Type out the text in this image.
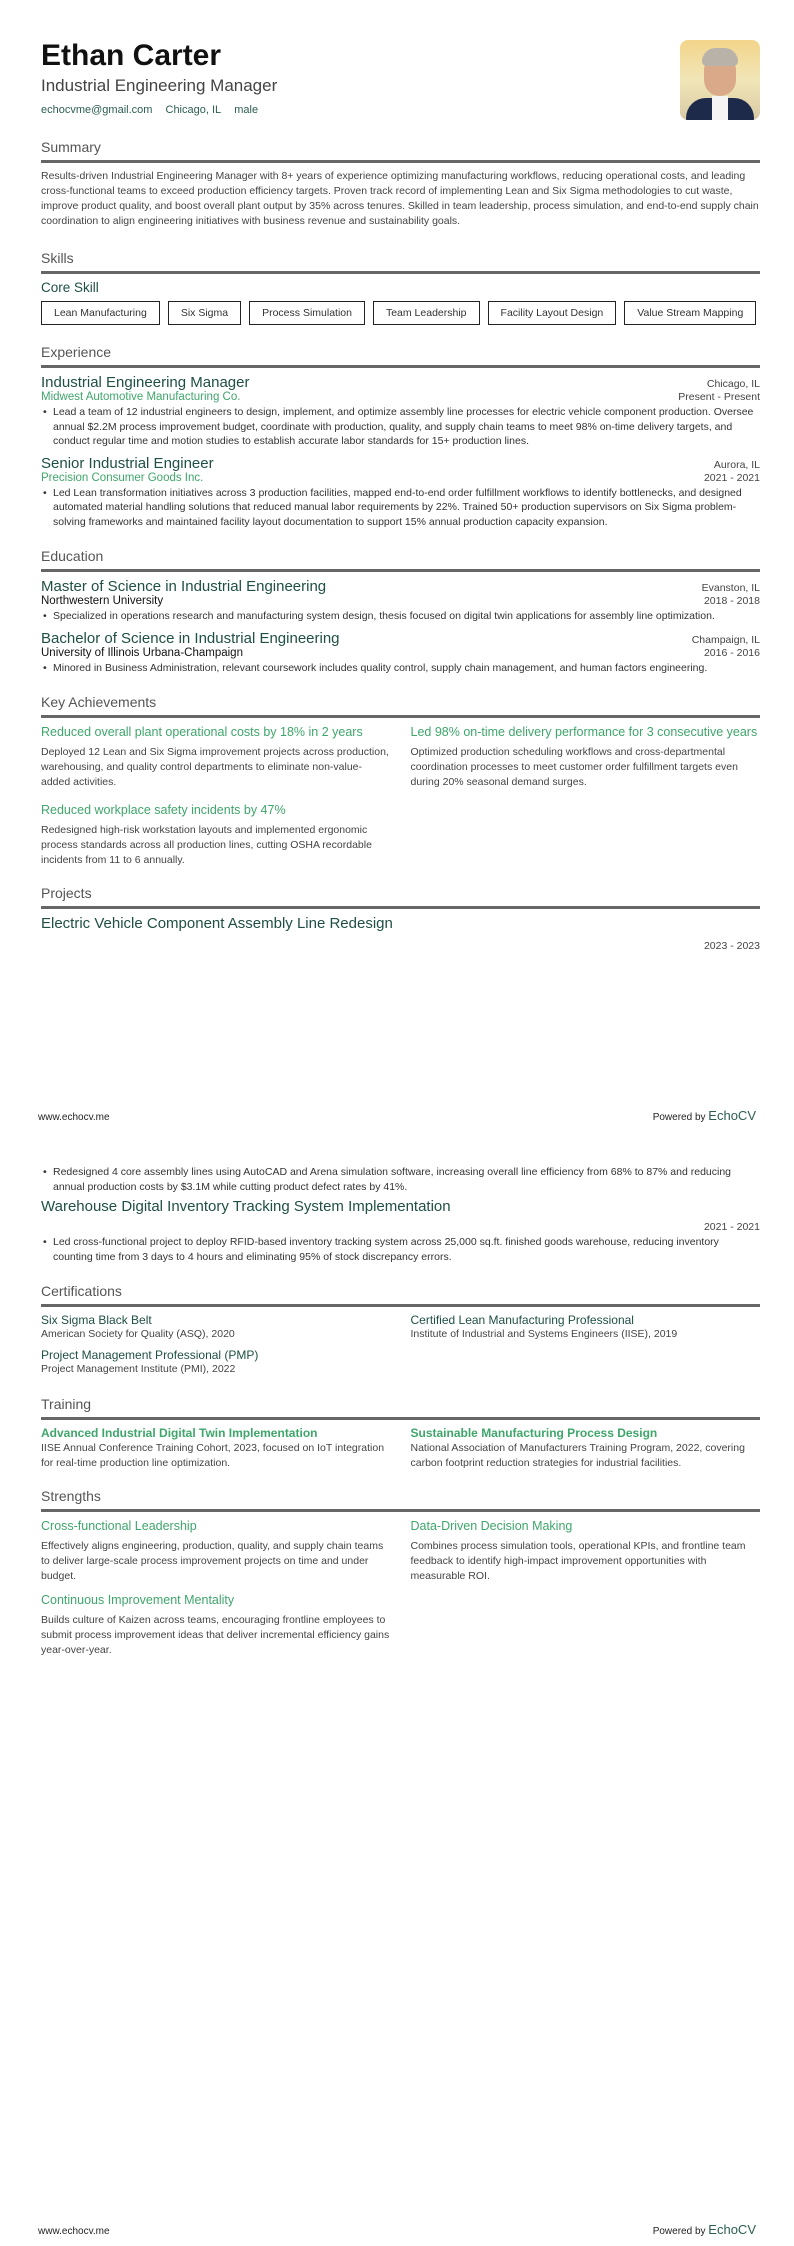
Ethan Carter
Industrial Engineering Manager
echocvme@gmail.com Chicago, IL male
Summary
Results-driven Industrial Engineering Manager with 8+ years of experience optimizing manufacturing workflows, reducing operational costs, and leading cross-functional teams to exceed production efficiency targets. Proven track record of implementing Lean and Six Sigma methodologies to cut waste, improve product quality, and boost overall plant output by 35% across tenures. Skilled in team leadership, process simulation, and end-to-end supply chain coordination to align engineering initiatives with business revenue and sustainability goals.
Skills
Core Skill
Lean Manufacturing	Six Sigma	Process Simulation	Team Leadership	Facility Layout Design	Value Stream Mapping
Experience
Industrial Engineering Manager	Chicago, IL
Midwest Automotive Manufacturing Co.	Present - Present
• Lead a team of 12 industrial engineers to design, implement, and optimize assembly line processes for electric vehicle component production. Oversee annual $2.2M process improvement budget, coordinate with production, quality, and supply chain teams to meet 98% on-time delivery targets, and conduct regular time and motion studies to establish accurate labor standards for 15+ production lines.
Senior Industrial Engineer	Aurora, IL
Precision Consumer Goods Inc.	2021 - 2021
• Led Lean transformation initiatives across 3 production facilities, mapped end-to-end order fulfillment workflows to identify bottlenecks, and designed automated material handling solutions that reduced manual labor requirements by 22%. Trained 50+ production supervisors on Six Sigma problem-solving frameworks and maintained facility layout documentation to support 15% annual production capacity expansion.
Education
Master of Science in Industrial Engineering	Evanston, IL
Northwestern University	2018 - 2018
• Specialized in operations research and manufacturing system design, thesis focused on digital twin applications for assembly line optimization.
Bachelor of Science in Industrial Engineering	Champaign, IL
University of Illinois Urbana-Champaign	2016 - 2016
• Minored in Business Administration, relevant coursework includes quality control, supply chain management, and human factors engineering.
Key Achievements
Reduced overall plant operational costs by 18% in 2 years
Deployed 12 Lean and Six Sigma improvement projects across production, warehousing, and quality control departments to eliminate non-value-added activities.
Led 98% on-time delivery performance for 3 consecutive years
Optimized production scheduling workflows and cross-departmental coordination processes to meet customer order fulfillment targets even during 20% seasonal demand surges.
Reduced workplace safety incidents by 47%
Redesigned high-risk workstation layouts and implemented ergonomic process standards across all production lines, cutting OSHA recordable incidents from 11 to 6 annually.
Projects
Electric Vehicle Component Assembly Line Redesign
2023 - 2023
www.echocv.me	Powered by EchoCV
• Redesigned 4 core assembly lines using AutoCAD and Arena simulation software, increasing overall line efficiency from 68% to 87% and reducing annual production costs by $3.1M while cutting product defect rates by 41%.
Warehouse Digital Inventory Tracking System Implementation
2021 - 2021
• Led cross-functional project to deploy RFID-based inventory tracking system across 25,000 sq.ft. finished goods warehouse, reducing inventory counting time from 3 days to 4 hours and eliminating 95% of stock discrepancy errors.
Certifications
Six Sigma Black Belt
American Society for Quality (ASQ), 2020
Certified Lean Manufacturing Professional
Institute of Industrial and Systems Engineers (IISE), 2019
Project Management Professional (PMP)
Project Management Institute (PMI), 2022
Training
Advanced Industrial Digital Twin Implementation
IISE Annual Conference Training Cohort, 2023, focused on IoT integration for real-time production line optimization.
Sustainable Manufacturing Process Design
National Association of Manufacturers Training Program, 2022, covering carbon footprint reduction strategies for industrial facilities.
Strengths
Cross-functional Leadership
Effectively aligns engineering, production, quality, and supply chain teams to deliver large-scale process improvement projects on time and under budget.
Data-Driven Decision Making
Combines process simulation tools, operational KPIs, and frontline team feedback to identify high-impact improvement opportunities with measurable ROI.
Continuous Improvement Mentality
Builds culture of Kaizen across teams, encouraging frontline employees to submit process improvement ideas that deliver incremental efficiency gains year-over-year.
www.echocv.me	Powered by EchoCV
